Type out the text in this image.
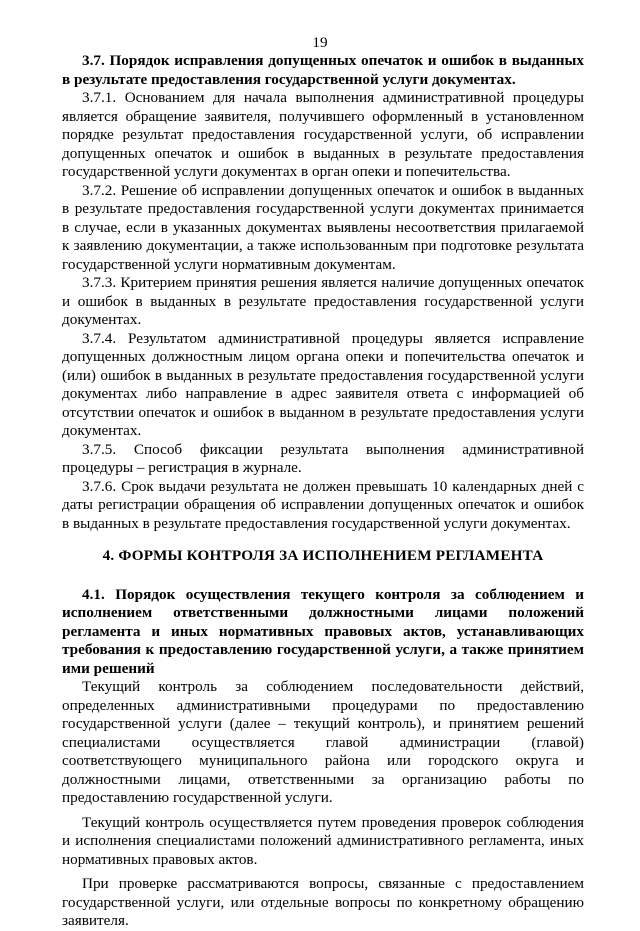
19

3.7. Порядок исправления допущенных опечаток и ошибок в выданных в результате предоставления государственной услуги документах.

3.7.1. Основанием для начала выполнения административной процедуры является обращение заявителя, получившего оформленный в установленном порядке результат предоставления государственной услуги, об исправлении допущенных опечаток и ошибок в выданных в результате предоставления государственной услуги документах в орган опеки и попечительства.

3.7.2. Решение об исправлении допущенных опечаток и ошибок в выданных в результате предоставления государственной услуги документах принимается в случае, если в указанных документах выявлены несоответствия прилагаемой к заявлению документации, а также использованным при подготовке результата государственной услуги нормативным документам.

3.7.3. Критерием принятия решения является наличие допущенных опечаток и ошибок в выданных в результате предоставления государственной услуги документах.

3.7.4. Результатом административной процедуры является исправление допущенных должностным лицом органа опеки и попечительства опечаток и (или) ошибок в выданных в результате предоставления государственной услуги документах либо направление в адрес заявителя ответа с информацией об отсутствии опечаток и ошибок в выданном в результате предоставления услуги документах.

3.7.5. Способ фиксации результата выполнения административной процедуры – регистрация в журнале.

3.7.6. Срок выдачи результата не должен превышать 10 календарных дней с даты регистрации обращения об исправлении допущенных опечаток и ошибок в выданных в результате предоставления государственной услуги документах.

4. ФОРМЫ КОНТРОЛЯ ЗА ИСПОЛНЕНИЕМ РЕГЛАМЕНТА

4.1. Порядок осуществления текущего контроля за соблюдением и исполнением ответственными должностными лицами положений регламента и иных нормативных правовых актов, устанавливающих требования к предоставлению государственной услуги, а также принятием ими решений

Текущий контроль за соблюдением последовательности действий, определенных административными процедурами по предоставлению государственной услуги (далее – текущий контроль), и принятием решений специалистами осуществляется главой администрации (главой) соответствующего муниципального района или городского округа и должностными лицами, ответственными за организацию работы по предоставлению государственной услуги.

Текущий контроль осуществляется путем проведения проверок соблюдения и исполнения специалистами положений административного регламента, иных нормативных правовых актов.

При проверке рассматриваются вопросы, связанные с предоставлением государственной услуги, или отдельные вопросы по конкретному обращению заявителя.
